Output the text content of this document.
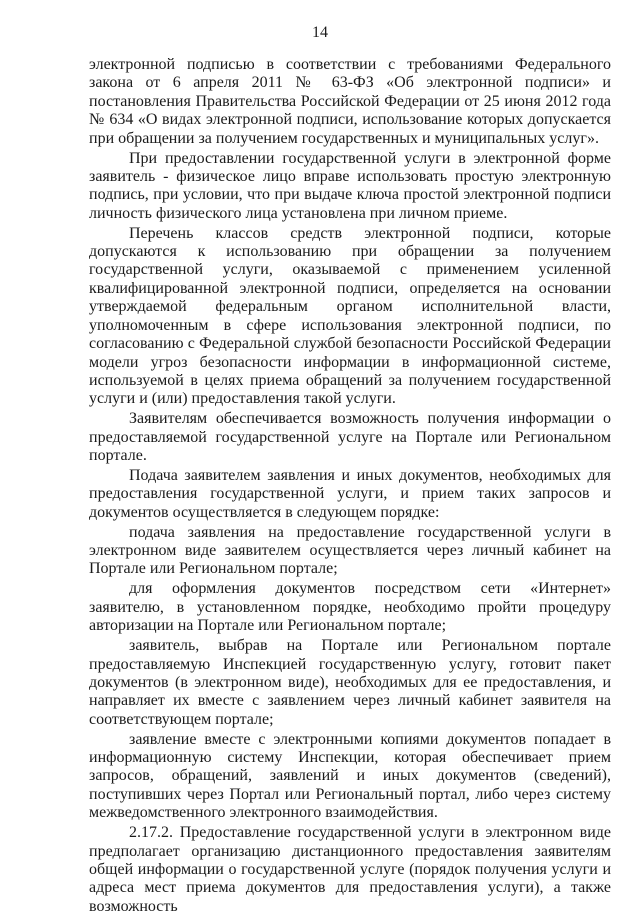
14

электронной подписью в соответствии с требованиями Федерального закона от 6 апреля 2011 № 63-ФЗ «Об электронной подписи» и постановления Правительства Российской Федерации от 25 июня 2012 года № 634 «О видах электронной подписи, использование которых допускается при обращении за получением государственных и муниципальных услуг».

При предоставлении государственной услуги в электронной форме заявитель - физическое лицо вправе использовать простую электронную подпись, при условии, что при выдаче ключа простой электронной подписи личность физического лица установлена при личном приеме.

Перечень классов средств электронной подписи, которые допускаются к использованию при обращении за получением государственной услуги, оказываемой с применением усиленной квалифицированной электронной подписи, определяется на основании утверждаемой федеральным органом исполнительной власти, уполномоченным в сфере использования электронной подписи, по согласованию с Федеральной службой безопасности Российской Федерации модели угроз безопасности информации в информационной системе, используемой в целях приема обращений за получением государственной услуги и (или) предоставления такой услуги.

Заявителям обеспечивается возможность получения информации о предоставляемой государственной услуге на Портале или Региональном портале.

Подача заявителем заявления и иных документов, необходимых для предоставления государственной услуги, и прием таких запросов и документов осуществляется в следующем порядке:

подача заявления на предоставление государственной услуги в электронном виде заявителем осуществляется через личный кабинет на Портале или Региональном портале;

для оформления документов посредством сети «Интернет» заявителю, в установленном порядке, необходимо пройти процедуру авторизации на Портале или Региональном портале;

заявитель, выбрав на Портале или Региональном портале предоставляемую Инспекцией государственную услугу, готовит пакет документов (в электронном виде), необходимых для ее предоставления, и направляет их вместе с заявлением через личный кабинет заявителя на соответствующем портале;

заявление вместе с электронными копиями документов попадает в информационную систему Инспекции, которая обеспечивает прием запросов, обращений, заявлений и иных документов (сведений), поступивших через Портал или Региональный портал, либо через систему межведомственного электронного взаимодействия.

2.17.2. Предоставление государственной услуги в электронном виде предполагает организацию дистанционного предоставления заявителям общей информации о государственной услуге (порядок получения услуги и адреса мест приема документов для предоставления услуги), а также возможность
